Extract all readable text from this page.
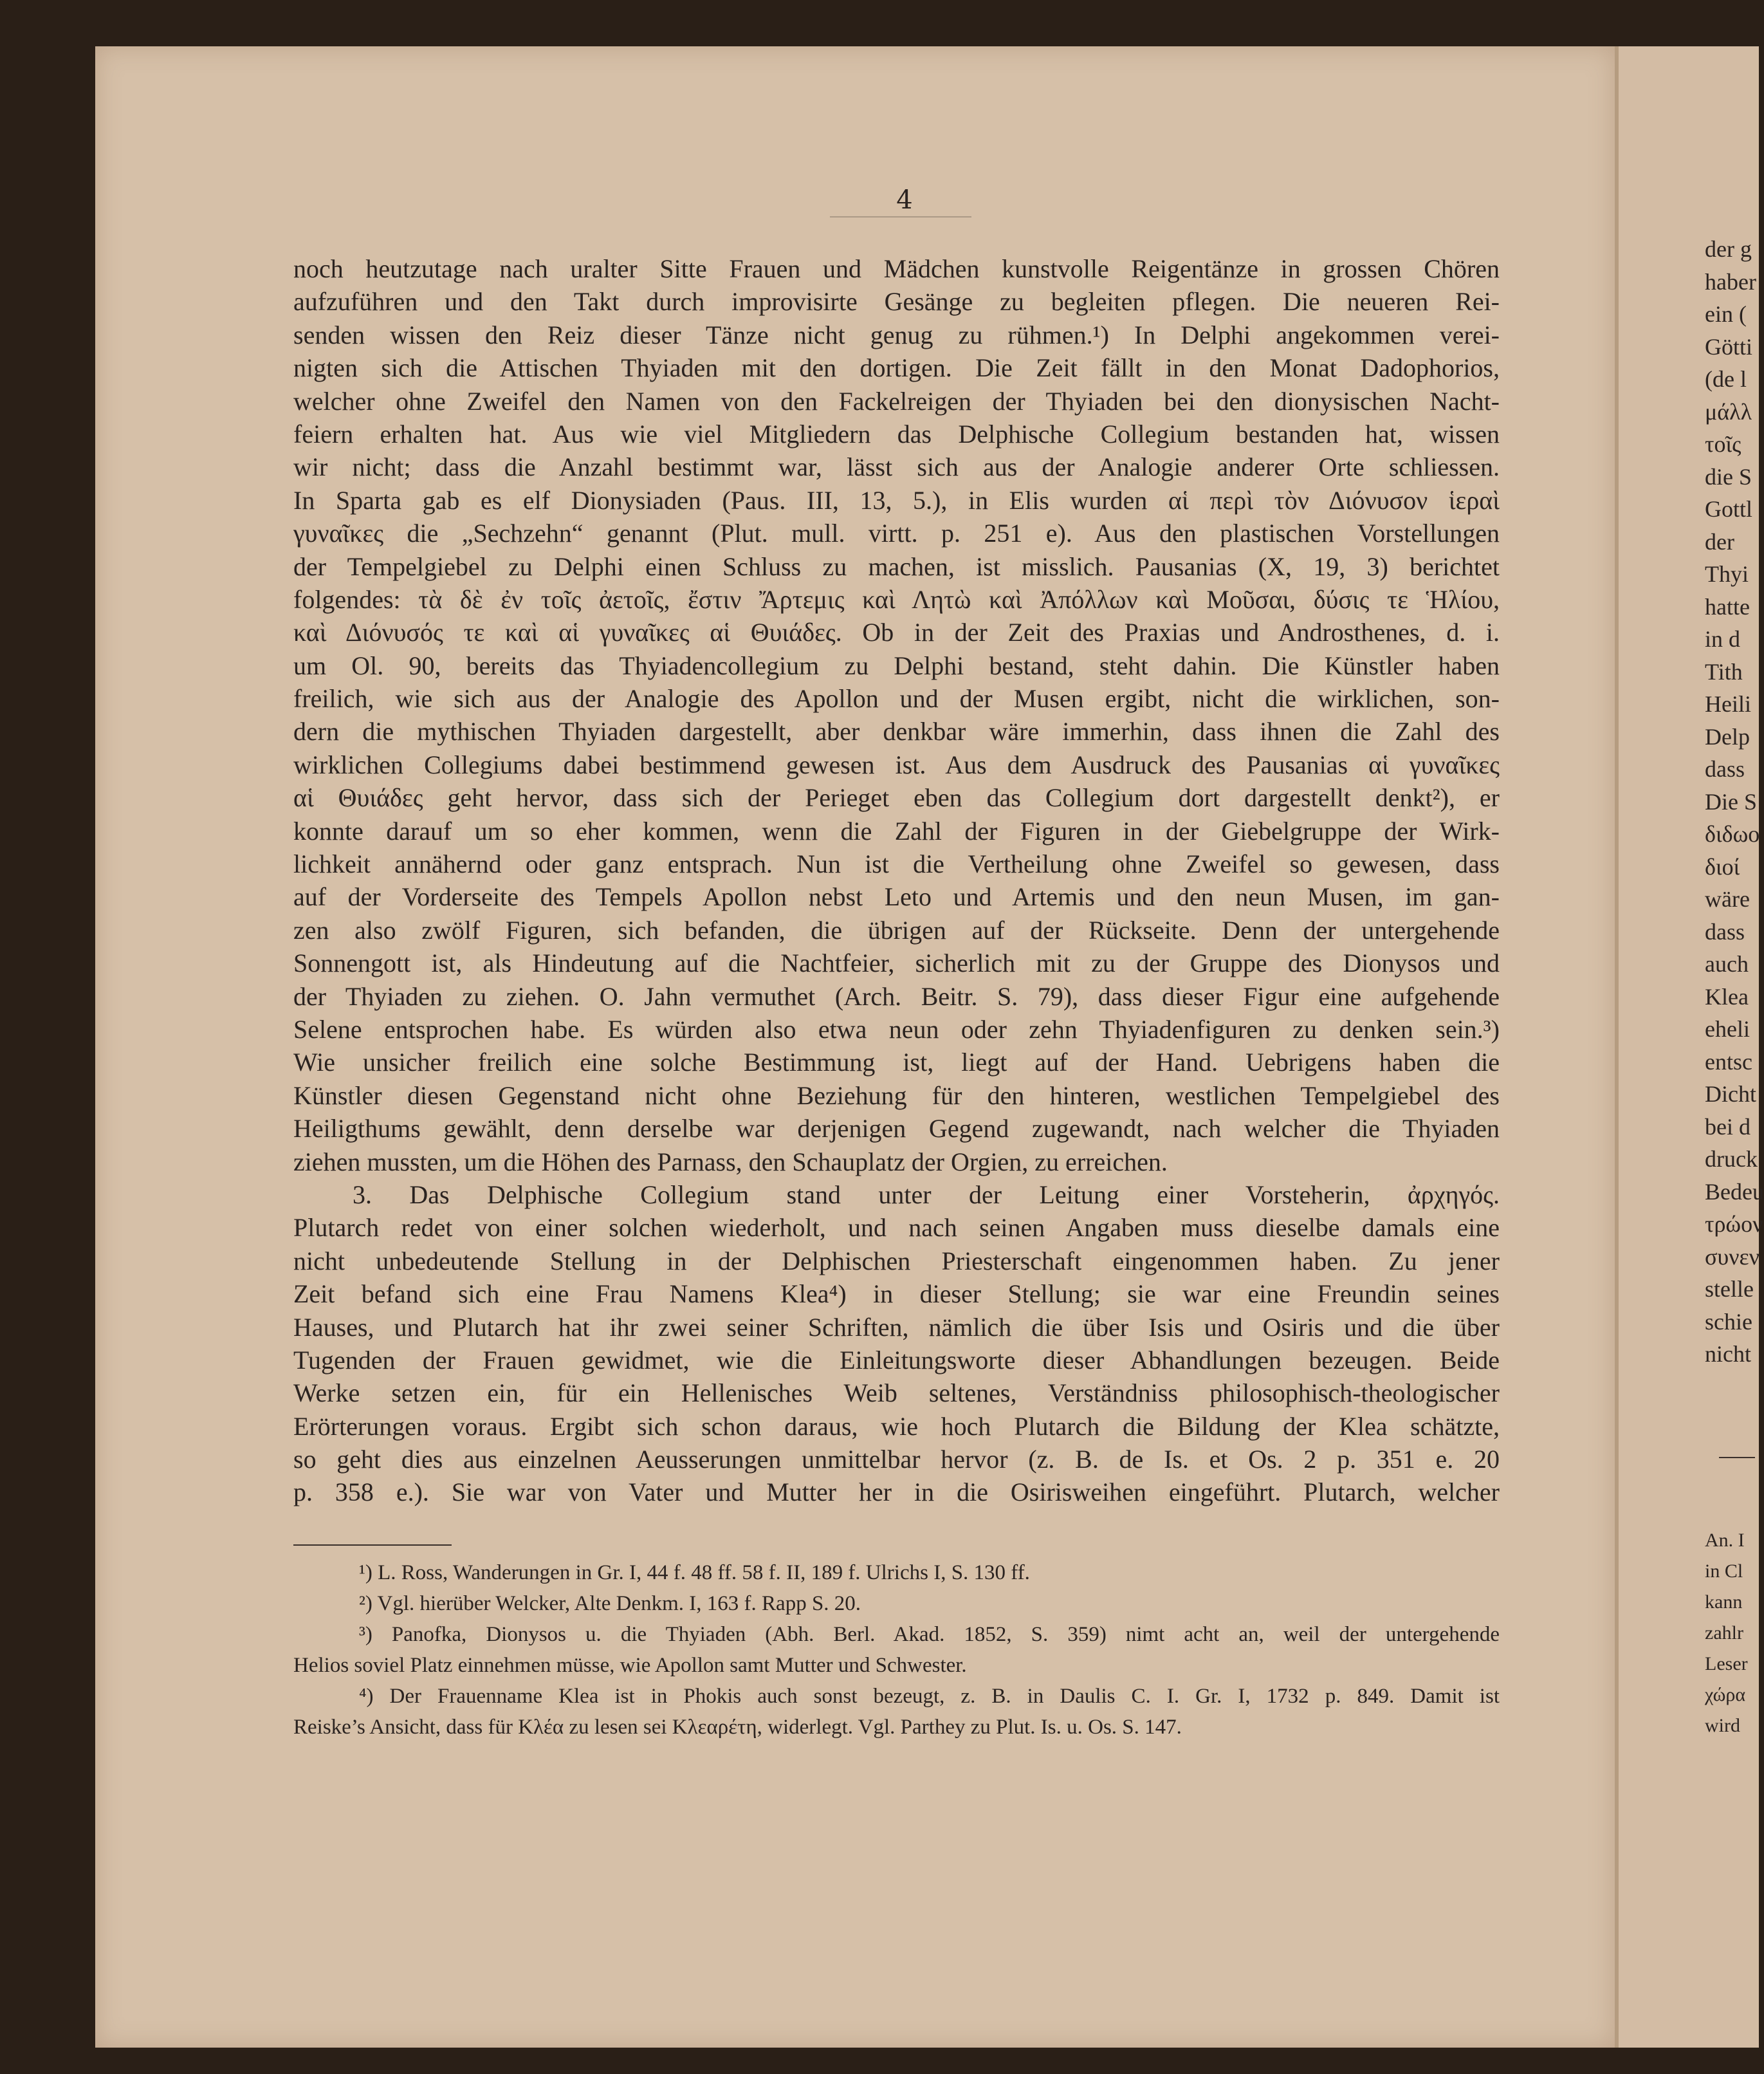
4
noch heutzutage nach uralter Sitte Frauen und Mädchen kunstvolle Reigentänze in grossen Chören
aufzuführen und den Takt durch improvisirte Gesänge zu begleiten pflegen. Die neueren Rei-
senden wissen den Reiz dieser Tänze nicht genug zu rühmen.¹) In Delphi angekommen verei-
nigten sich die Attischen Thyiaden mit den dortigen. Die Zeit fällt in den Monat Dadophorios,
welcher ohne Zweifel den Namen von den Fackelreigen der Thyiaden bei den dionysischen Nacht-
feiern erhalten hat. Aus wie viel Mitgliedern das Delphische Collegium bestanden hat, wissen
wir nicht; dass die Anzahl bestimmt war, lässt sich aus der Analogie anderer Orte schliessen.
In Sparta gab es elf Dionysiaden (Paus. III, 13, 5.), in Elis wurden αἱ περὶ τὸν Διόνυσον ἱεραὶ
γυναῖκες die „Sechzehn“ genannt (Plut. mull. virtt. p. 251 e). Aus den plastischen Vorstellungen
der Tempelgiebel zu Delphi einen Schluss zu machen, ist misslich. Pausanias (X, 19, 3) berichtet
folgendes: τὰ δὲ ἐν τοῖς ἀετοῖς, ἔστιν Ἄρτεμις καὶ Λητὼ καὶ Ἀπόλλων καὶ Μοῦσαι, δύσις τε Ἡλίου,
καὶ Διόνυσός τε καὶ αἱ γυναῖκες αἱ Θυιάδες. Ob in der Zeit des Praxias und Androsthenes, d. i.
um Ol. 90, bereits das Thyiadencollegium zu Delphi bestand, steht dahin. Die Künstler haben
freilich, wie sich aus der Analogie des Apollon und der Musen ergibt, nicht die wirklichen, son-
dern die mythischen Thyiaden dargestellt, aber denkbar wäre immerhin, dass ihnen die Zahl des
wirklichen Collegiums dabei bestimmend gewesen ist. Aus dem Ausdruck des Pausanias αἱ γυναῖκες
αἱ Θυιάδες geht hervor, dass sich der Perieget eben das Collegium dort dargestellt denkt²), er
konnte darauf um so eher kommen, wenn die Zahl der Figuren in der Giebelgruppe der Wirk-
lichkeit annähernd oder ganz entsprach. Nun ist die Vertheilung ohne Zweifel so gewesen, dass
auf der Vorderseite des Tempels Apollon nebst Leto und Artemis und den neun Musen, im gan-
zen also zwölf Figuren, sich befanden, die übrigen auf der Rückseite. Denn der untergehende
Sonnengott ist, als Hindeutung auf die Nachtfeier, sicherlich mit zu der Gruppe des Dionysos und
der Thyiaden zu ziehen. O. Jahn vermuthet (Arch. Beitr. S. 79), dass dieser Figur eine aufgehende
Selene entsprochen habe. Es würden also etwa neun oder zehn Thyiadenfiguren zu denken sein.³)
Wie unsicher freilich eine solche Bestimmung ist, liegt auf der Hand. Uebrigens haben die
Künstler diesen Gegenstand nicht ohne Beziehung für den hinteren, westlichen Tempelgiebel des
Heiligthums gewählt, denn derselbe war derjenigen Gegend zugewandt, nach welcher die Thyiaden
ziehen mussten, um die Höhen des Parnass, den Schauplatz der Orgien, zu erreichen.
3. Das Delphische Collegium stand unter der Leitung einer Vorsteherin, ἀρχηγός.
Plutarch redet von einer solchen wiederholt, und nach seinen Angaben muss dieselbe damals eine
nicht unbedeutende Stellung in der Delphischen Priesterschaft eingenommen haben. Zu jener
Zeit befand sich eine Frau Namens Klea⁴) in dieser Stellung; sie war eine Freundin seines
Hauses, und Plutarch hat ihr zwei seiner Schriften, nämlich die über Isis und Osiris und die über
Tugenden der Frauen gewidmet, wie die Einleitungsworte dieser Abhandlungen bezeugen. Beide
Werke setzen ein, für ein Hellenisches Weib seltenes, Verständniss philosophisch-theologischer
Erörterungen voraus. Ergibt sich schon daraus, wie hoch Plutarch die Bildung der Klea schätzte,
so geht dies aus einzelnen Aeusserungen unmittelbar hervor (z. B. de Is. et Os. 2 p. 351 e. 20
p. 358 e.). Sie war von Vater und Mutter her in die Osirisweihen eingeführt. Plutarch, welcher
¹) L. Ross, Wanderungen in Gr. I, 44 f. 48 ff. 58 f. II, 189 f. Ulrichs I, S. 130 ff.
²) Vgl. hierüber Welcker, Alte Denkm. I, 163 f. Rapp S. 20.
³) Panofka, Dionysos u. die Thyiaden (Abh. Berl. Akad. 1852, S. 359) nimt acht an, weil der untergehende
Helios soviel Platz einnehmen müsse, wie Apollon samt Mutter und Schwester.
⁴) Der Frauenname Klea ist in Phokis auch sonst bezeugt, z. B. in Daulis C. I. Gr. I, 1732 p. 849. Damit ist
Reiske’s Ansicht, dass für Κλέα zu lesen sei Κλεαρέτη, widerlegt. Vgl. Parthey zu Plut. Is. u. Os. S. 147.
der g
haber
ein (
Götti
(de l
μάλλ
τοῖς
die S
Gottl
der
Thyi
hatte
in d
Tith
Heili
Delp
dass
Die S
διδωο
διοί
wäre
dass
auch
Klea
eheli
entsc
Dicht
bei d
druck
Bedeu
τρώον
συνεν
stelle
schie
nicht
An. I
in Cl
kann
zahlr
Leser
χώρα
wird
